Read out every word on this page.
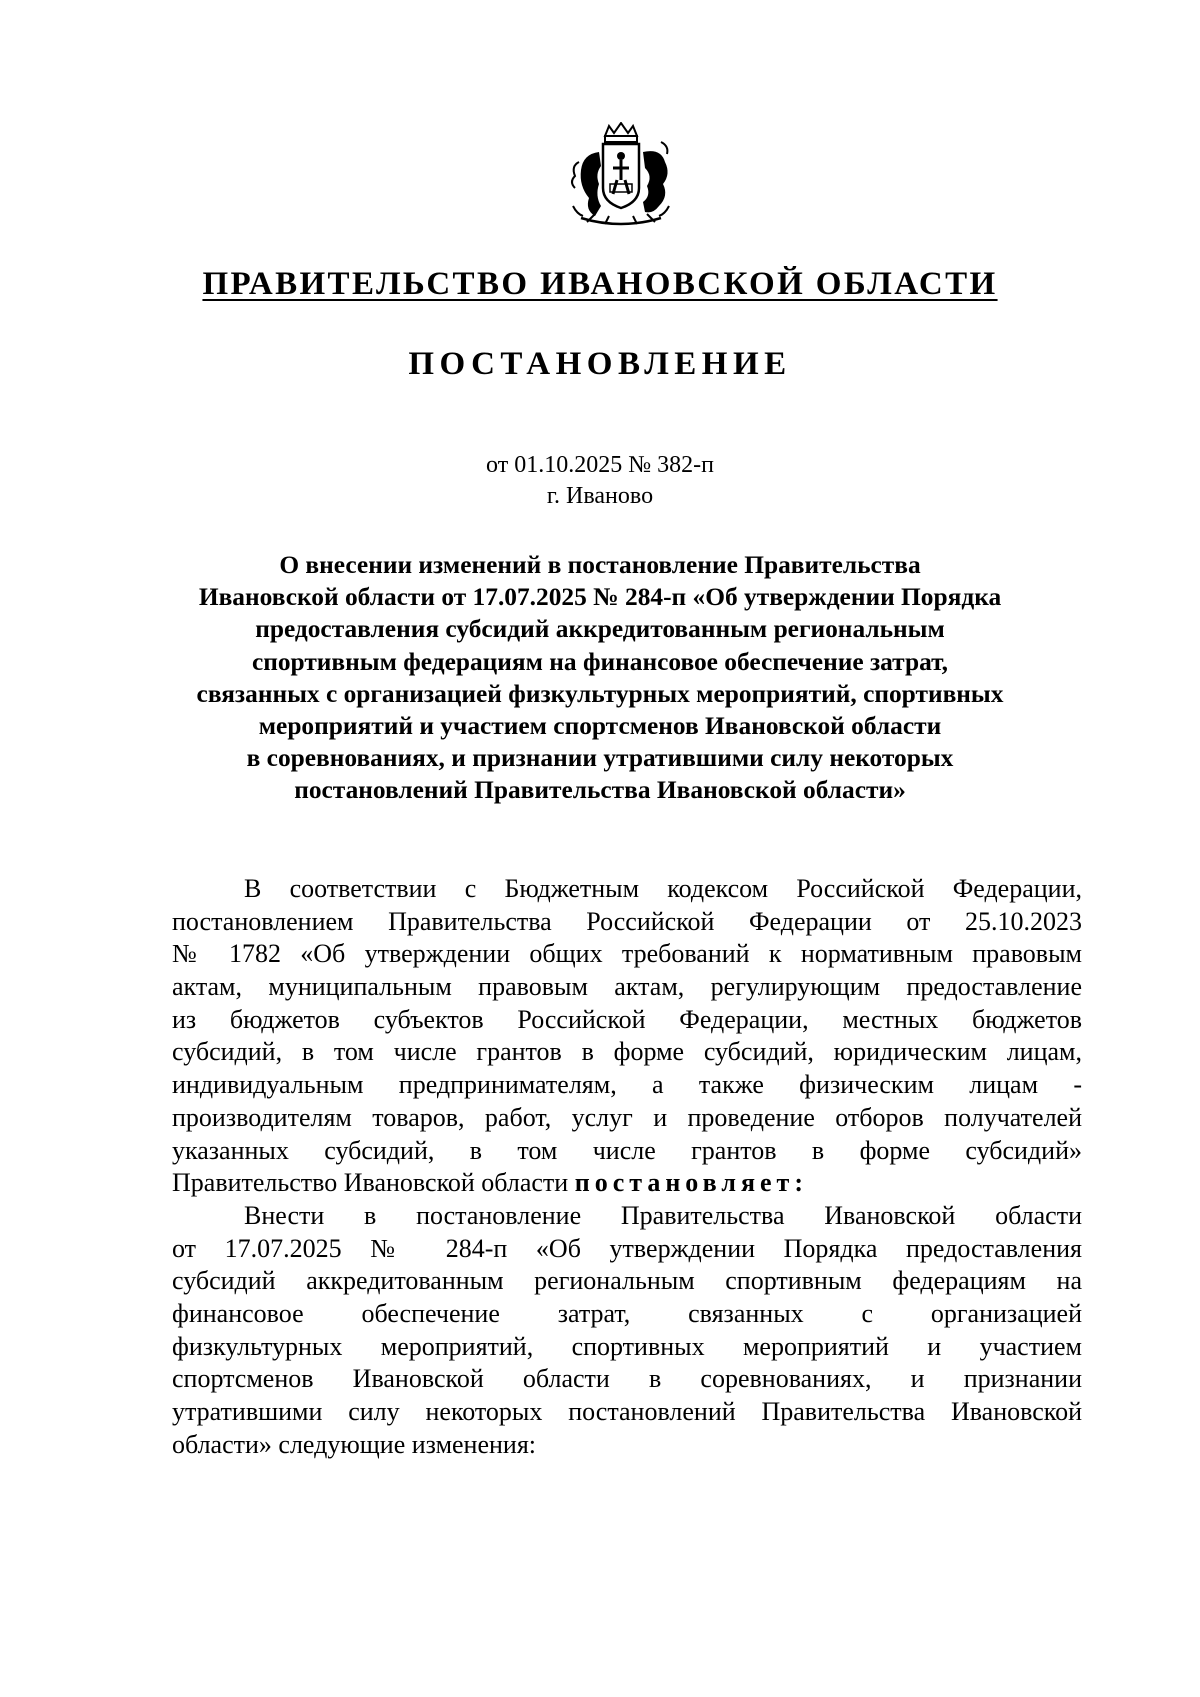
ПРАВИТЕЛЬСТВО ИВАНОВСКОЙ ОБЛАСТИ
ПОСТАНОВЛЕНИЕ
от 01.10.2025 № 382-п
г. Иваново
О внесении изменений в постановление Правительства
Ивановской области от 17.07.2025 № 284-п «Об утверждении Порядка
предоставления субсидий аккредитованным региональным
спортивным федерациям на финансовое обеспечение затрат,
связанных с организацией физкультурных мероприятий, спортивных
мероприятий и участием спортсменов Ивановской области
в соревнованиях, и признании утратившими силу некоторых
постановлений Правительства Ивановской области»
В соответствии с Бюджетным кодексом Российской Федерации,
постановлением Правительства Российской Федерации от 25.10.2023
№ 1782 «Об утверждении общих требований к нормативным правовым
актам, муниципальным правовым актам, регулирующим предоставление
из бюджетов субъектов Российской Федерации, местных бюджетов
субсидий, в том числе грантов в форме субсидий, юридическим лицам,
индивидуальным предпринимателям, а также физическим лицам -
производителям товаров, работ, услуг и проведение отборов получателей
указанных субсидий, в том числе грантов в форме субсидий»
Правительство Ивановской области постановляет:
Внести в постановление Правительства Ивановской области
от 17.07.2025 № 284-п «Об утверждении Порядка предоставления
субсидий аккредитованным региональным спортивным федерациям на
финансовое обеспечение затрат, связанных с организацией
физкультурных мероприятий, спортивных мероприятий и участием
спортсменов Ивановской области в соревнованиях, и признании
утратившими силу некоторых постановлений Правительства Ивановской
области» следующие изменения:
